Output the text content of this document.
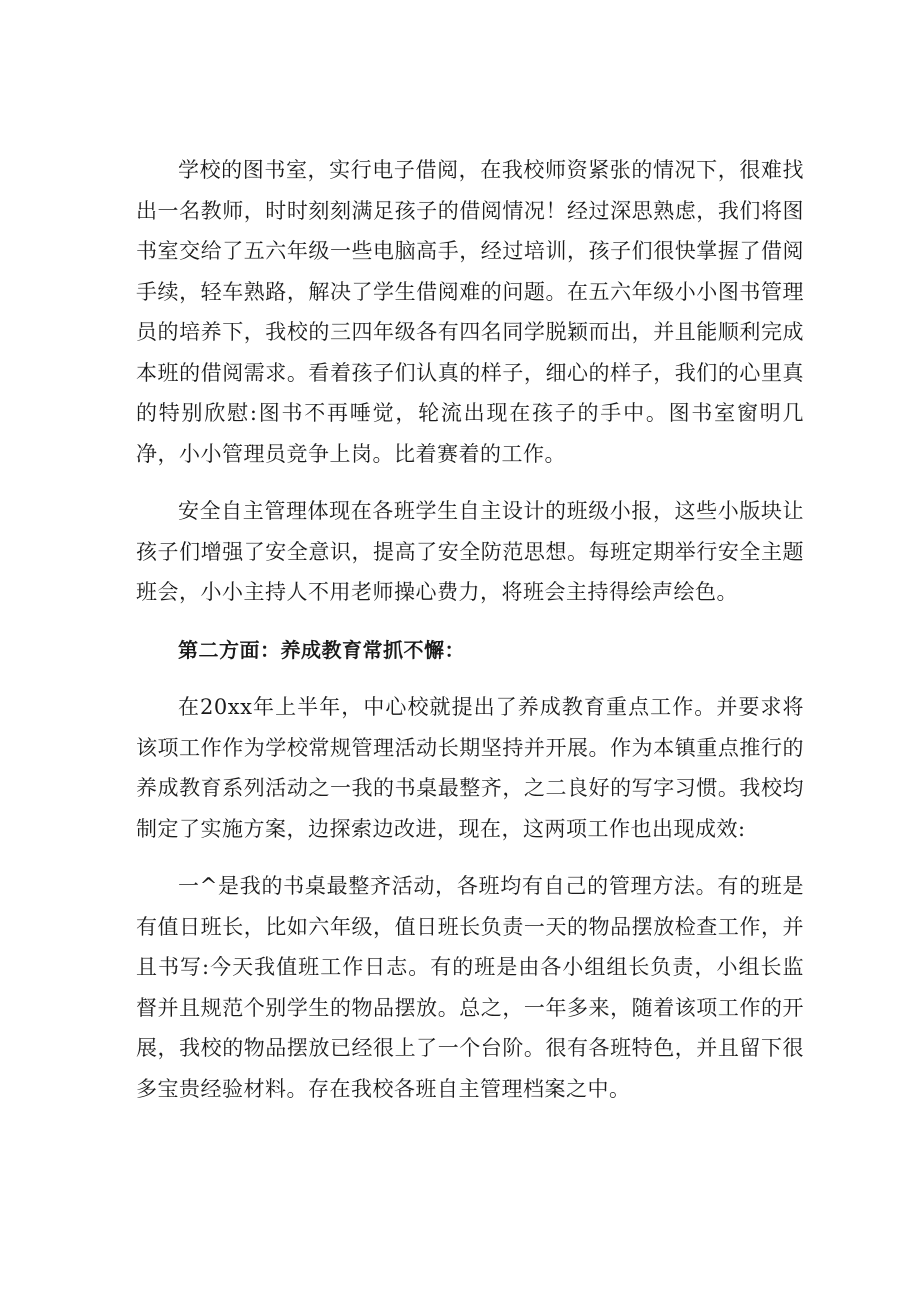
学校的图书室，实行电子借阅，在我校师资紧张的情况下，很难找出一名教师，时时刻刻满足孩子的借阅情况！经过深思熟虑，我们将图书室交给了五六年级一些电脑高手，经过培训，孩子们很快掌握了借阅手续，轻车熟路，解决了学生借阅难的问题。在五六年级小小图书管理员的培养下，我校的三四年级各有四名同学脱颖而出，并且能顺利完成本班的借阅需求。看着孩子们认真的样子，细心的样子，我们的心里真的特别欣慰:图书不再唾觉，轮流出现在孩子的手中。图书室窗明几净，小小管理员竞争上岗。比着赛着的工作。

安全自主管理体现在各班学生自主设计的班级小报，这些小版块让孩子们增强了安全意识，提高了安全防范思想。每班定期举行安全主题班会，小小主持人不用老师操心费力，将班会主持得绘声绘色。

第二方面：养成教育常抓不懈：

在20xx年上半年，中心校就提出了养成教育重点工作。并要求将该项工作作为学校常规管理活动长期坚持并开展。作为本镇重点推行的养成教育系列活动之一我的书桌最整齐，之二良好的写字习惯。我校均制定了实施方案，边探索边改进，现在，这两项工作也出现成效:

一^是我的书桌最整齐活动，各班均有自己的管理方法。有的班是有值日班长，比如六年级，值日班长负责一天的物品摆放检查工作，并且书写:今天我值班工作日志。有的班是由各小组组长负责，小组长监督并且规范个别学生的物品摆放。总之，一年多来，随着该项工作的开展，我校的物品摆放已经很上了一个台阶。很有各班特色，并且留下很多宝贵经验材料。存在我校各班自主管理档案之中。
